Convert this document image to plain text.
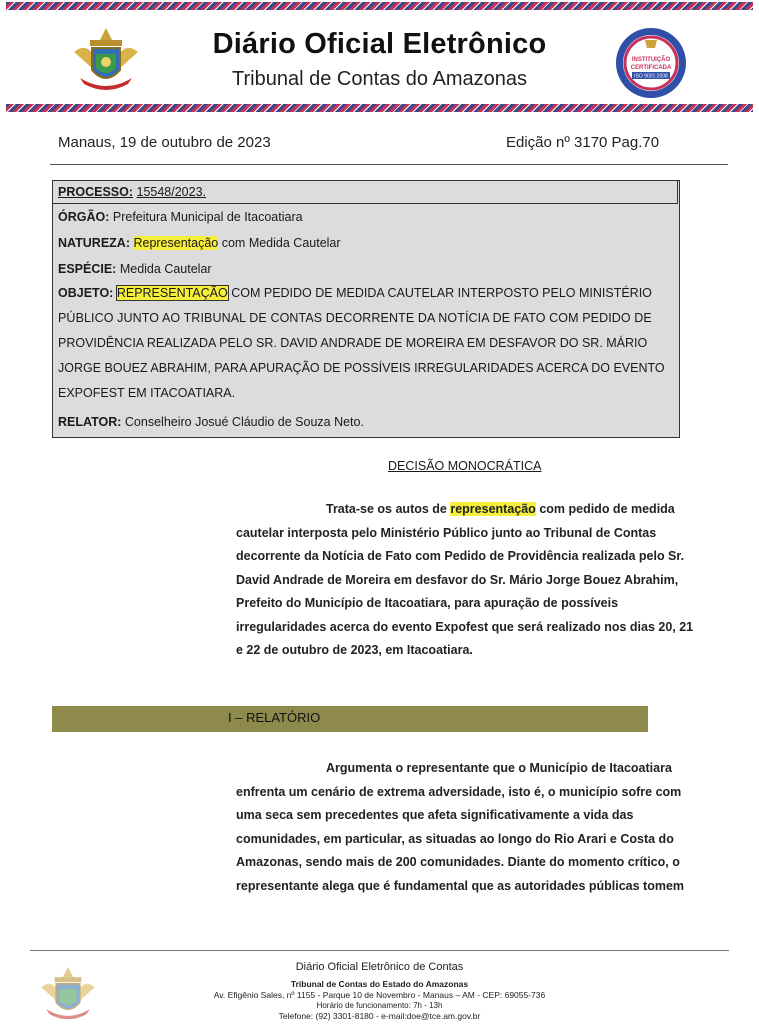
Diário Oficial Eletrônico
Tribunal de Contas do Amazonas
INSTITUIÇÃO
CERTIFICADA
ISO 9001:2008
Manaus, 19 de outubro de 2023	Edição nº 3170 Pag.70
PROCESSO: 15548/2023.
ÓRGÃO: Prefeitura Municipal de Itacoatiara
NATUREZA: Representação com Medida Cautelar
ESPÉCIE: Medida Cautelar
OBJETO: REPRESENTAÇÃO COM PEDIDO DE MEDIDA CAUTELAR INTERPOSTO PELO MINISTÉRIO
PÚBLICO JUNTO AO TRIBUNAL DE CONTAS DECORRENTE DA NOTÍCIA DE FATO COM PEDIDO DE
PROVIDÊNCIA REALIZADA PELO SR. DAVID ANDRADE DE MOREIRA EM DESFAVOR DO SR. MÁRIO
JORGE BOUEZ ABRAHIM, PARA APURAÇÃO DE POSSÍVEIS IRREGULARIDADES ACERCA DO EVENTO
EXPOFEST EM ITACOATIARA.
RELATOR: Conselheiro Josué Cláudio de Souza Neto.
DECISÃO MONOCRÁTICA
Trata-se os autos de representação com pedido de medida
cautelar interposta pelo Ministério Público junto ao Tribunal de Contas
decorrente da Notícia de Fato com Pedido de Providência realizada pelo Sr.
David Andrade de Moreira em desfavor do Sr. Mário Jorge Bouez Abrahim,
Prefeito do Município de Itacoatiara, para apuração de possíveis
irregularidades acerca do evento Expofest que será realizado nos dias 20, 21
e 22 de outubro de 2023, em Itacoatiara.
I – RELATÓRIO
Argumenta o representante que o Município de Itacoatiara
enfrenta um cenário de extrema adversidade, isto é, o município sofre com
uma seca sem precedentes que afeta significativamente a vida das
comunidades, em particular, as situadas ao longo do Rio Arari e Costa do
Amazonas, sendo mais de 200 comunidades. Diante do momento crítico, o
representante alega que é fundamental que as autoridades públicas tomem
Diário Oficial Eletrônico de Contas
Tribunal de Contas do Estado do Amazonas
Av. Efigênio Sales, nº 1155 - Parque 10 de Novembro - Manaus – AM - CEP: 69055-736
Horário de funcionamento: 7h - 13h
Telefone: (92) 3301-8180 - e-mail:doe@tce.am.gov.br
